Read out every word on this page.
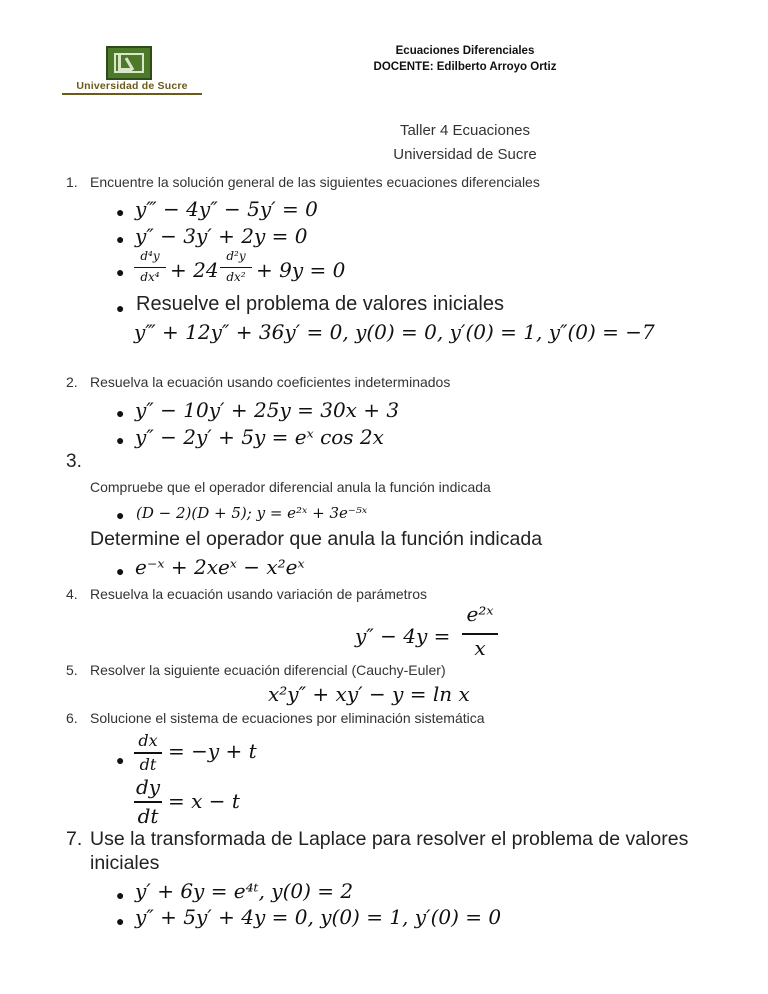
Universidad de Sucre
Ecuaciones Diferenciales
DOCENTE: Edilberto Arroyo Ortiz
Taller 4 Ecuaciones
Universidad de Sucre
1. Encuentre la solución general de las siguientes ecuaciones diferenciales
● 𝑦‴ − 4𝑦″ − 5𝑦′ = 0
● 𝑦″ − 3𝑦′ + 2𝑦 = 0
●
𝑑⁴𝑦
𝑑𝑥⁴ + 24
𝑑²𝑦
𝑑𝑥² + 9𝑦 = 0
● Resuelve el problema de valores iniciales
𝑦‴ + 12𝑦″ + 36𝑦′ = 0, 𝑦(0) = 0, 𝑦′(0) = 1, 𝑦″(0) = −7
2. Resuelva la ecuación usando coeficientes indeterminados
● 𝑦″ − 10𝑦′ + 25𝑦 = 30𝑥 + 3
● 𝑦″ − 2𝑦′ + 5𝑦 = 𝑒ˣ cos 2𝑥
3.
Compruebe que el operador diferencial anula la función indicada
● (𝐷 − 2)(𝐷 + 5); 𝑦 = 𝑒²ˣ + 3𝑒⁻⁵ˣ
Determine el operador que anula la función indicada
● 𝑒⁻ˣ + 2𝑥𝑒ˣ − 𝑥²𝑒ˣ
4. Resuelva la ecuación usando variación de parámetros
𝑦″ − 4𝑦 =
𝑒²ˣ
𝑥
5. Resolver la siguiente ecuación diferencial (Cauchy-Euler)
x²𝑦″ + 𝑥𝑦′ − 𝑦 = ln 𝑥
6. Solucione el sistema de ecuaciones por eliminación sistemática
●
𝑑𝑥
𝑑𝑡
= −𝑦 + 𝑡
𝑑𝑦
𝑑𝑡
= 𝑥 − 𝑡
7. Use la transformada de Laplace para resolver el problema de valores
iniciales
● 𝑦′ + 6𝑦 = 𝑒⁴ᵗ, 𝑦(0) = 2
● 𝑦″ + 5𝑦′ + 4𝑦 = 0, 𝑦(0) = 1, 𝑦′(0) = 0
